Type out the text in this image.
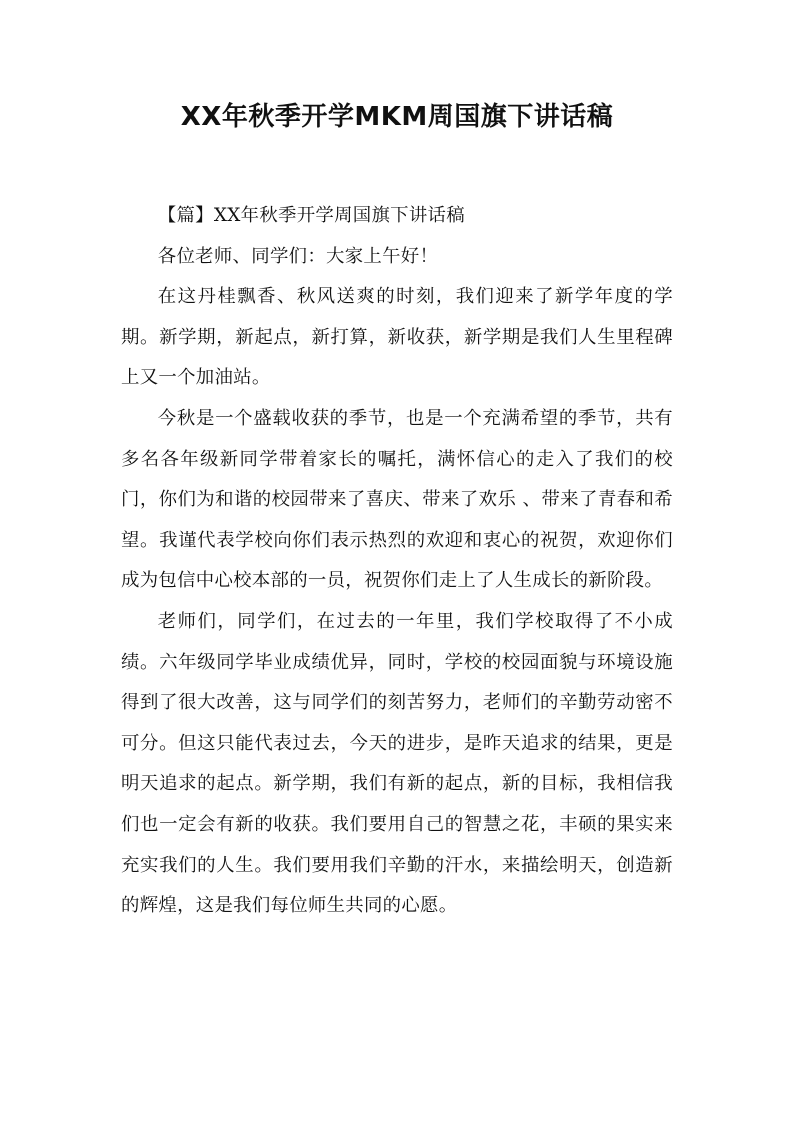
XX年秋季开学MKM周国旗下讲话稿

【篇】XX年秋季开学周国旗下讲话稿

各位老师、同学们：大家上午好！

在这丹桂飘香、秋风送爽的时刻，我们迎来了新学年度的学期。新学期，新起点，新打算，新收获，新学期是我们人生里程碑上又一个加油站。

今秋是一个盛载收获的季节，也是一个充满希望的季节，共有 多名各年级新同学带着家长的嘱托，满怀信心的走入了我们的校门，你们为和谐的校园带来了喜庆、带来了欢乐 、带来了青春和希望。我谨代表学校向你们表示热烈的欢迎和衷心的祝贺，欢迎你们成为包信中心校本部的一员，祝贺你们走上了人生成长的新阶段。

老师们，同学们，在过去的一年里，我们学校取得了不小成绩。六年级同学毕业成绩优异，同时，学校的校园面貌与环境设施得到了很大改善，这与同学们的刻苦努力，老师们的辛勤劳动密不可分。但这只能代表过去，今天的进步，是昨天追求的结果，更是明天追求的起点。新学期，我们有新的起点，新的目标，我相信我们也一定会有新的收获。我们要用自己的智慧之花，丰硕的果实来充实我们的人生。我们要用我们辛勤的汗水，来描绘明天，创造新的辉煌，这是我们每位师生共同的心愿。
